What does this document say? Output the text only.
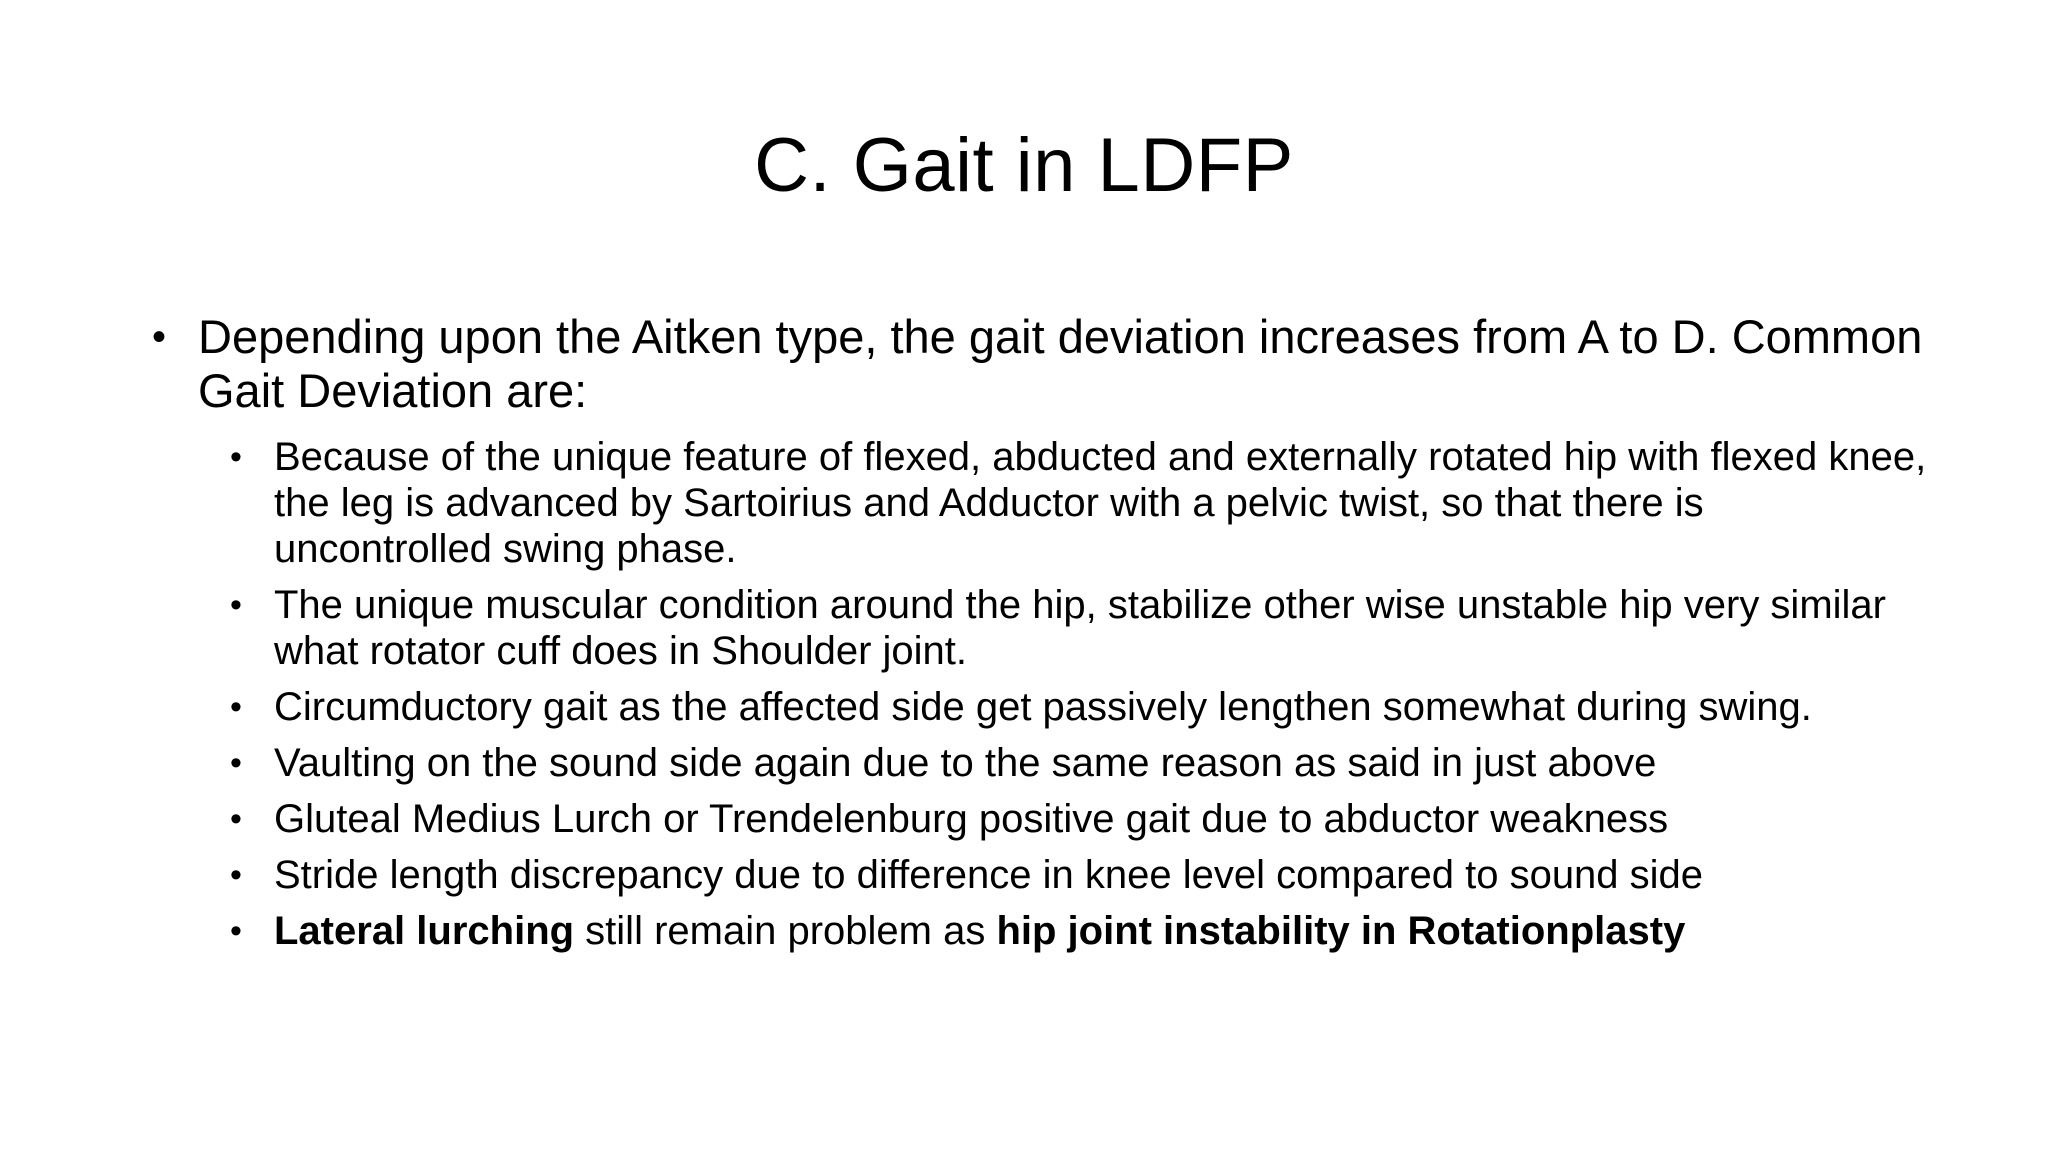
C. Gait in LDFP
• Depending upon the Aitken type, the gait deviation increases from A to D. Common Gait Deviation are:
• Because of the unique feature of flexed, abducted and externally rotated hip with flexed knee, the leg is advanced by Sartoirius and Adductor with a pelvic twist, so that there is uncontrolled swing phase.
• The unique muscular condition around the hip, stabilize other wise unstable hip very similar what rotator cuff does in Shoulder joint.
• Circumductory gait as the affected side get passively lengthen somewhat during swing.
• Vaulting on the sound side again due to the same reason as said in just above
• Gluteal Medius Lurch or Trendelenburg positive gait due to abductor weakness
• Stride length discrepancy due to difference in knee level compared to sound side
• Lateral lurching still remain problem as hip joint instability in Rotationplasty
